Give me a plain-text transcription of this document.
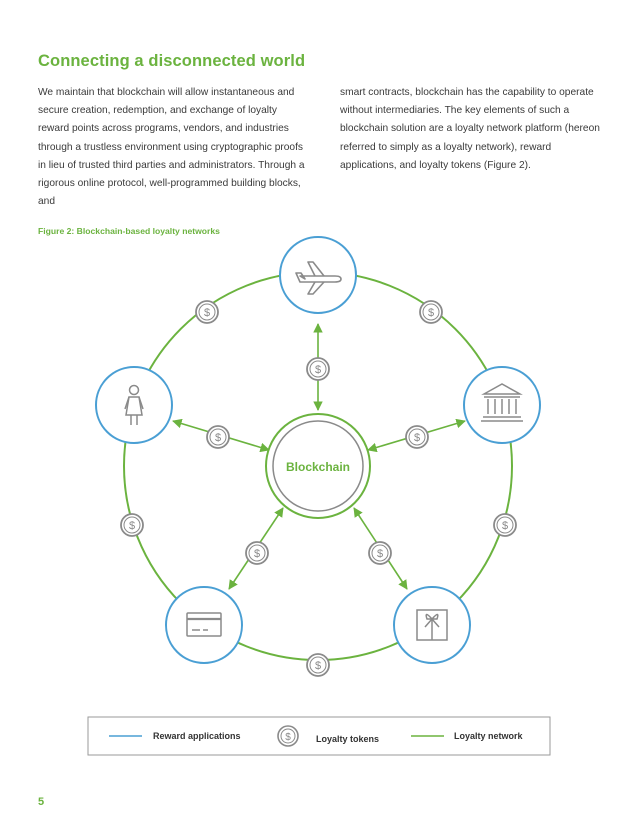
Connecting a disconnected world

We maintain that blockchain will allow instantaneous and secure creation, redemption, and exchange of loyalty reward points across programs, vendors, and industries through a trustless environment using cryptographic proofs in lieu of trusted third parties and administrators. Through a rigorous online protocol, well-programmed building blocks, and

smart contracts, blockchain has the capability to operate without intermediaries. The key elements of such a blockchain solution are a loyalty network platform (hereon referred to simply as a loyalty network), reward applications, and loyalty tokens (Figure 2).

Figure 2: Blockchain-based loyalty networks
Blockchain
$	$
$
$	$
$	$
$	$
$
Reward applications	$	Loyalty tokens	Loyalty network
5
